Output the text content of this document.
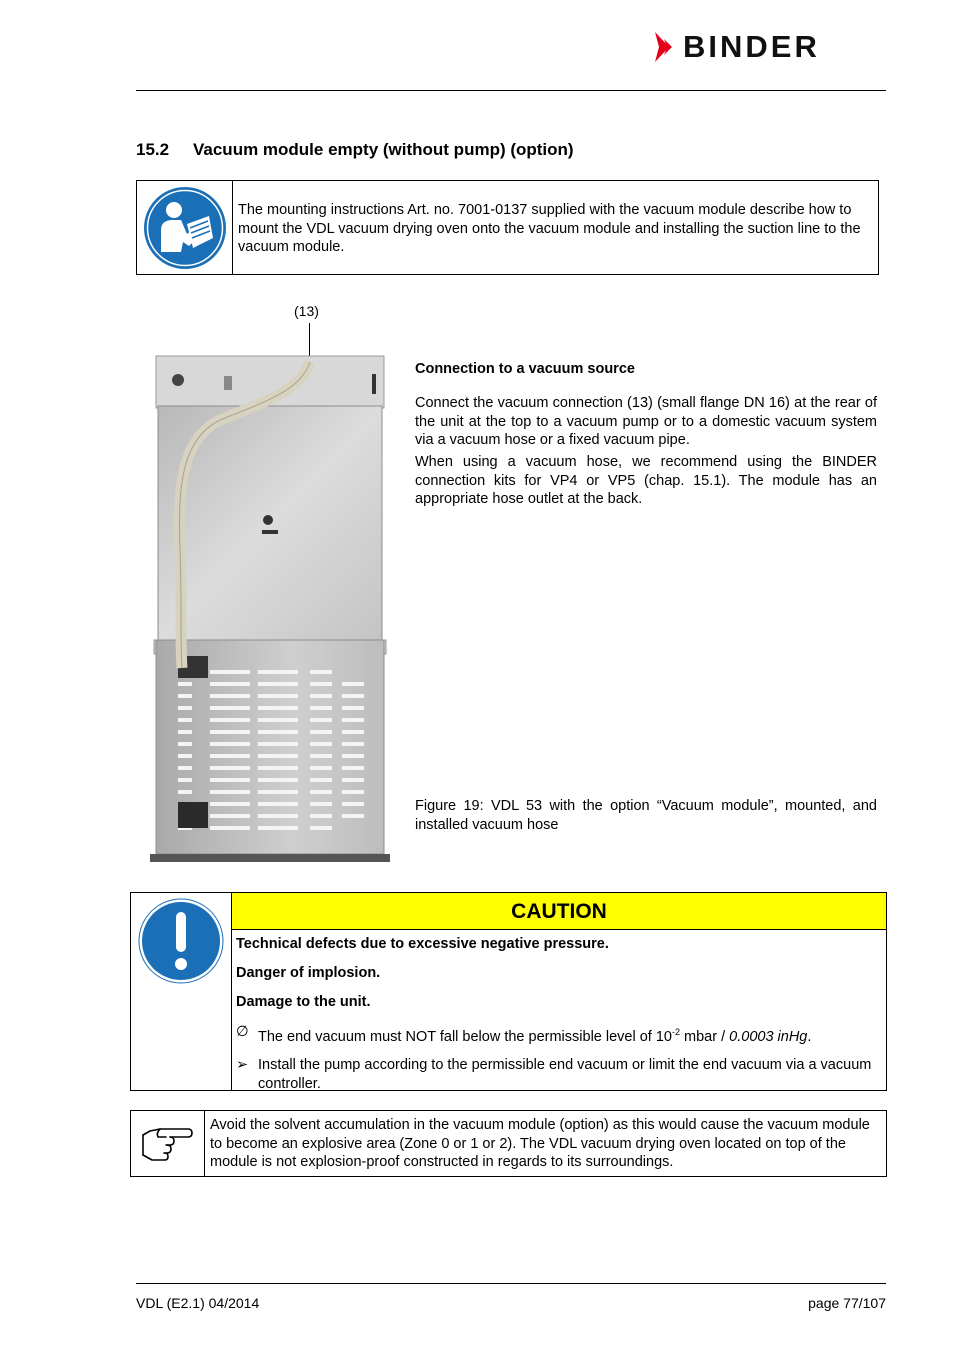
BINDER
15.2 Vacuum module empty (without pump) (option)
The mounting instructions Art. no. 7001-0137 supplied with the vacuum module describe how to mount the VDL vacuum drying oven onto the vacuum module and installing the suction line to the vacuum module.
(13)
Connection to a vacuum source
Connect the vacuum connection (13) (small flange DN 16) at the rear of the unit at the top to a vacuum pump or to a domestic vacuum system via a vacuum hose or a fixed vacuum pipe.
When using a vacuum hose, we recommend using the BINDER connection kits for VP4 or VP5 (chap. 15.1). The module has an appropriate hose outlet at the back.
Figure 19: VDL 53 with the option “Vacuum module”, mounted, and installed vacuum hose
CAUTION
Technical defects due to excessive negative pressure.
Danger of implosion.
Damage to the unit.
∅ The end vacuum must NOT fall below the permissible level of $10^{-2}$ mbar / 0.0003 inHg.
➢ Install the pump according to the permissible end vacuum or limit the end vacuum via a vacuum controller.
Avoid the solvent accumulation in the vacuum module (option) as this would cause the vacuum module to become an explosive area (Zone 0 or 1 or 2). The VDL vacuum drying oven located on top of the module is not explosion-proof constructed in regards to its surroundings.
VDL (E2.1) 04/2014	page 77/107
